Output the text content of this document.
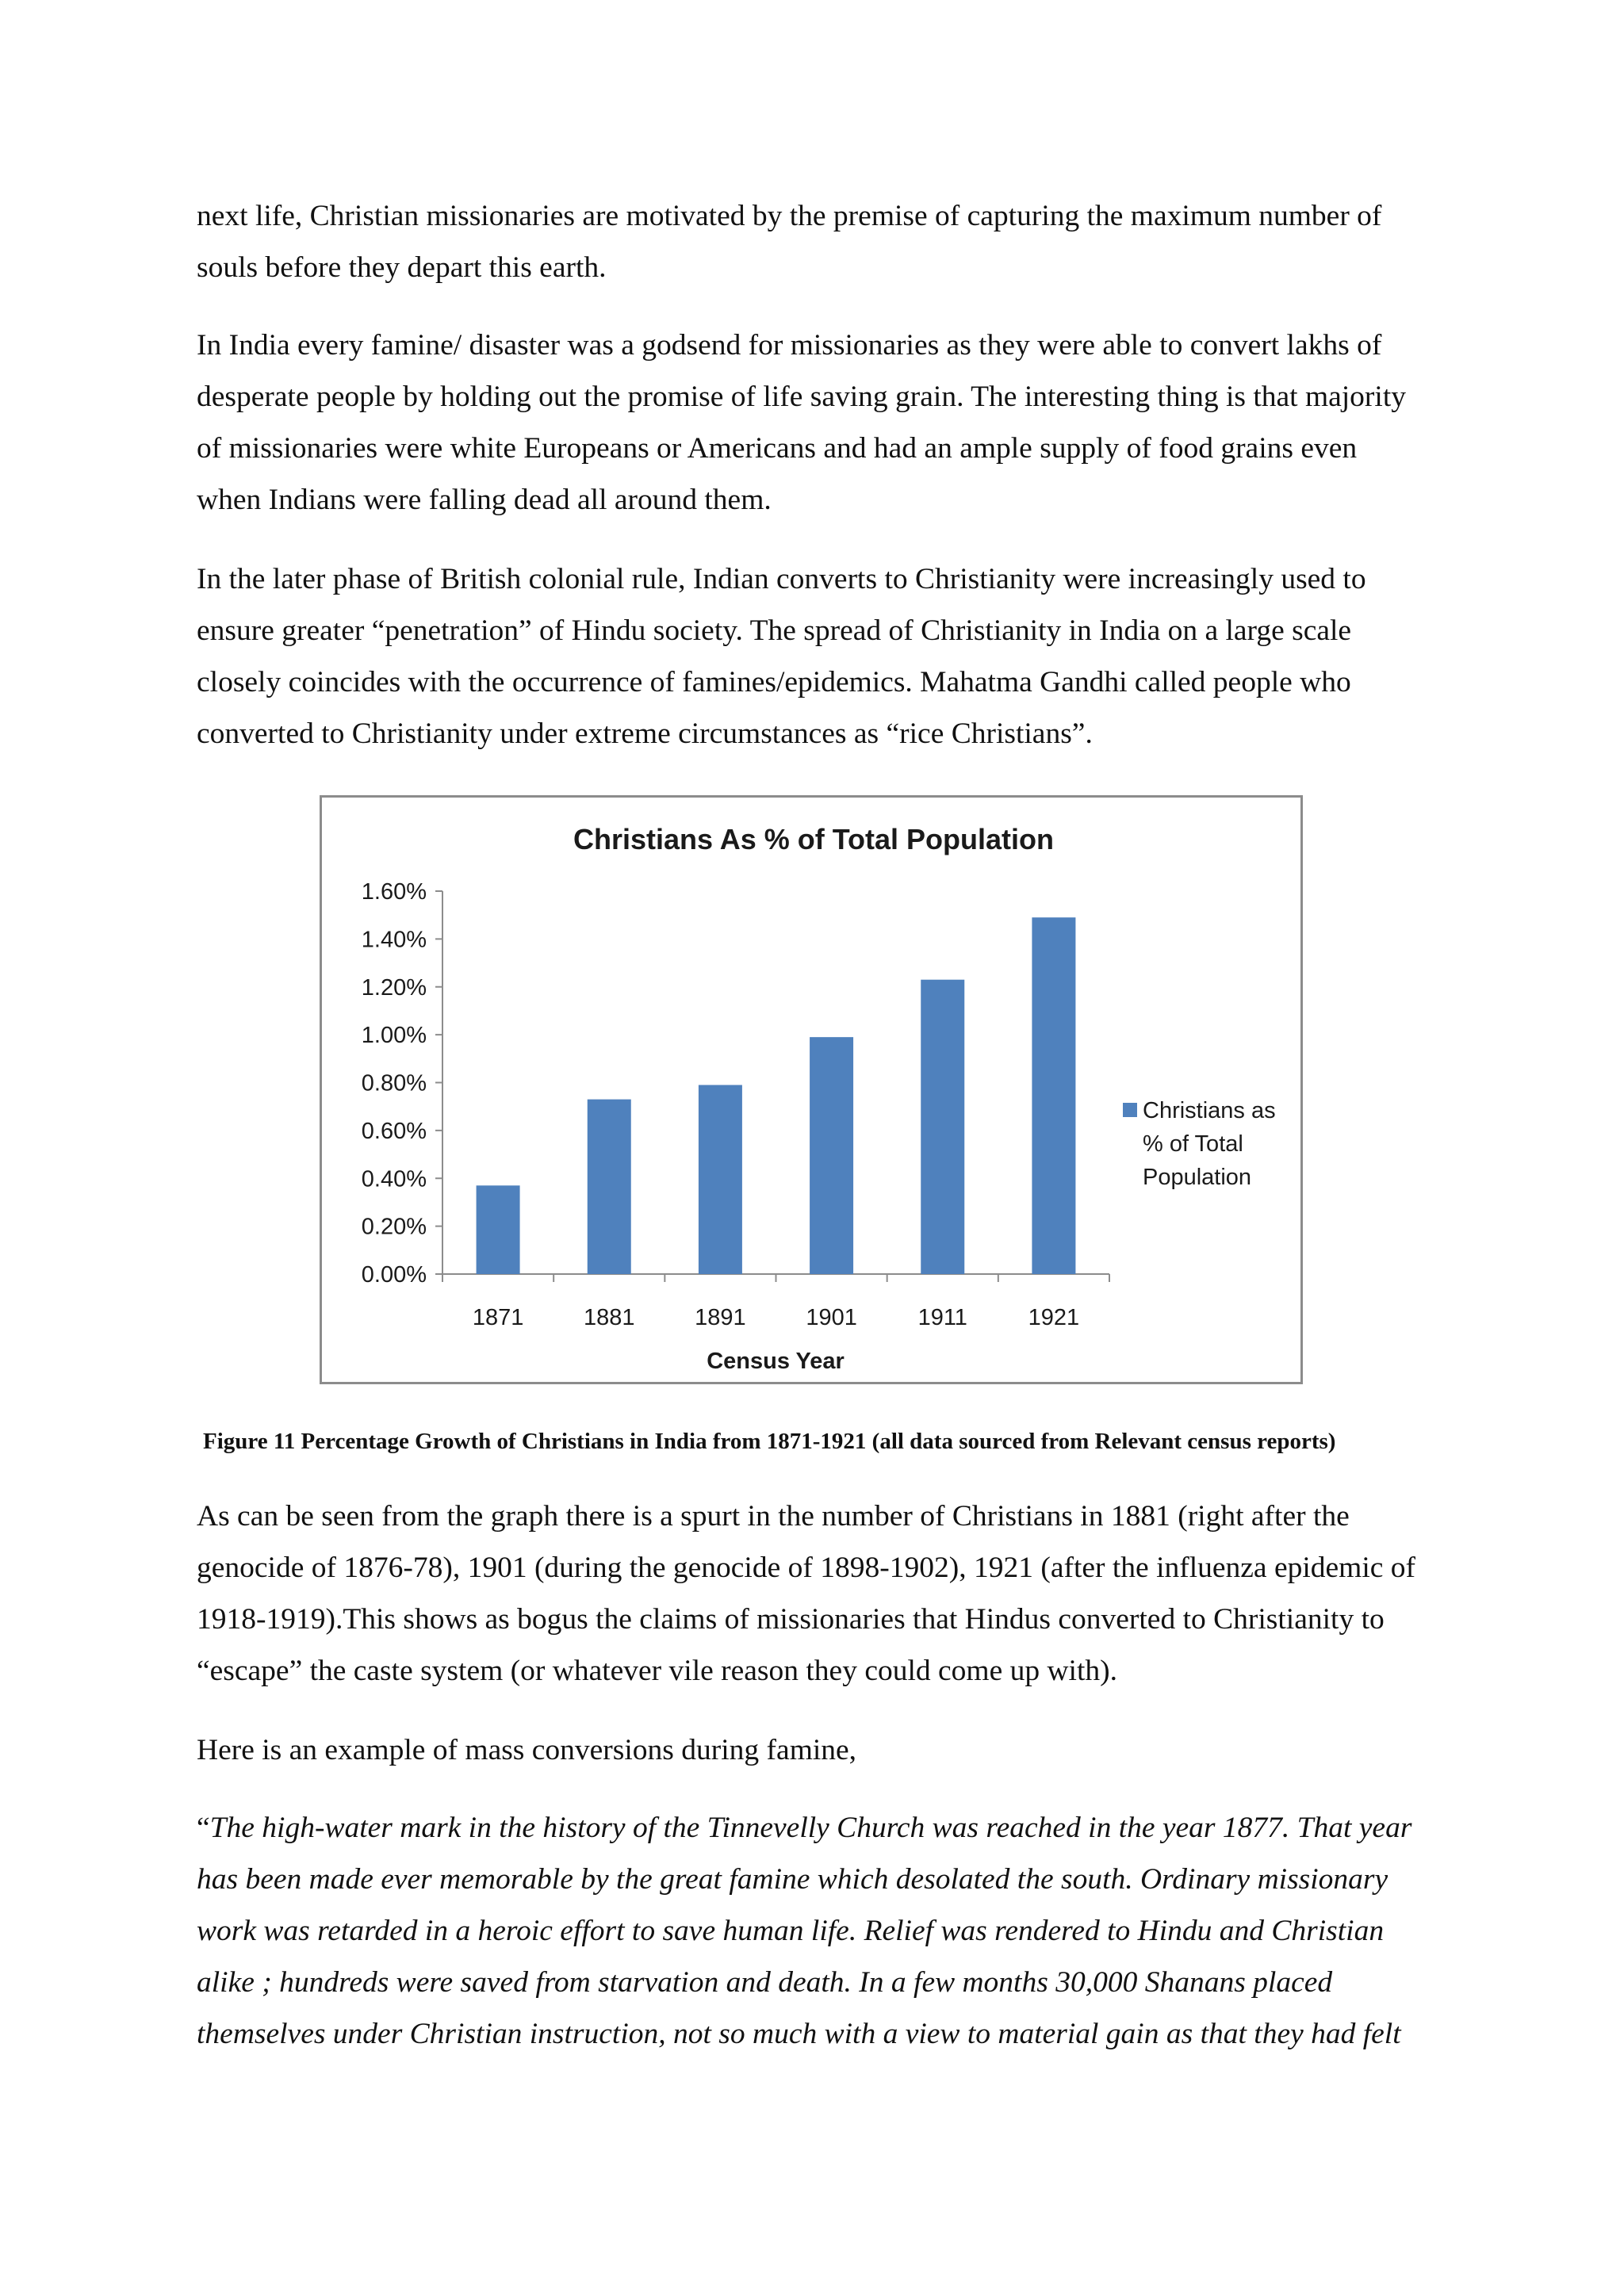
next life, Christian missionaries are motivated by the premise of capturing the maximum number of
souls before they depart this earth.

In India every famine/ disaster was a godsend for missionaries as they were able to convert lakhs of
desperate people by holding out the promise of life saving grain. The interesting thing is that majority
of missionaries were white Europeans or Americans and had an ample supply of food grains even
when Indians were falling dead all around them.

In the later phase of British colonial rule, Indian converts to Christianity were increasingly used to
ensure greater “penetration” of Hindu society. The spread of Christianity in India on a large scale
closely coincides with the occurrence of famines/epidemics. Mahatma Gandhi called people who
converted to Christianity under extreme circumstances as “rice Christians”.

Christians As % of Total Population
0.00%
0.20%
0.40%
0.60%
0.80%
1.00%
1.20%
1.40%
1.60%
1871	1881	1891	1901	1911	1921
Census Year
Christians as
% of Total
Population
Figure 11 Percentage Growth of Christians in India from 1871-1921 (all data sourced from Relevant census reports)

As can be seen from the graph there is a spurt in the number of Christians in 1881 (right after the
genocide of 1876-78), 1901 (during the genocide of 1898-1902), 1921 (after the influenza epidemic of
1918-1919).This shows as bogus the claims of missionaries that Hindus converted to Christianity to
“escape” the caste system (or whatever vile reason they could come up with).

Here is an example of mass conversions during famine,

“The high-water mark in the history of the Tinnevelly Church was reached in the year 1877. That year
has been made ever memorable by the great famine which desolated the south. Ordinary missionary
work was retarded in a heroic effort to save human life. Relief was rendered to Hindu and Christian
alike ; hundreds were saved from starvation and death. In a few months 30,000 Shanans placed
themselves under Christian instruction, not so much with a view to material gain as that they had felt
